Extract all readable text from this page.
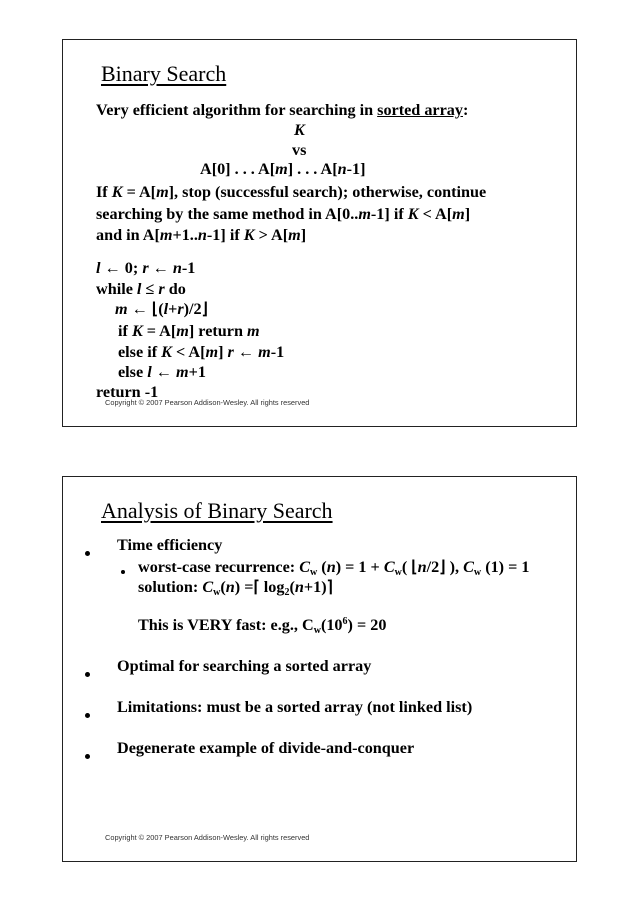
Binary Search
Very efficient algorithm for searching in sorted array:
K
vs
A[0] . . . A[m] . . . A[n-1]
If K = A[m], stop (successful search); otherwise, continue
searching by the same method in A[0..m-1] if K < A[m]
and in A[m+1..n-1] if K > A[m]
l ← 0; r ← n-1
while l ≤ r do
m ← ⌊(l+r)/2⌋
if K = A[m] return m
else if K < A[m] r ← m-1
else l ← m+1
return -1
Copyright © 2007 Pearson Addison-Wesley. All rights reserved
Analysis of Binary Search
Time efficiency
worst-case recurrence: $C_w$ $(n) = 1 + C_w$( ⌊n/2⌋ ), $C_w$ (1) = 1
solution: $C_w(n)$ =⌈ $\log_2(n+1)⌉$
This is VERY fast: e.g., $C_w(10^6) = 20$
Optimal for searching a sorted array
Limitations: must be a sorted array (not linked list)
Degenerate example of divide-and-conquer
Copyright © 2007 Pearson Addison-Wesley. All rights reserved
